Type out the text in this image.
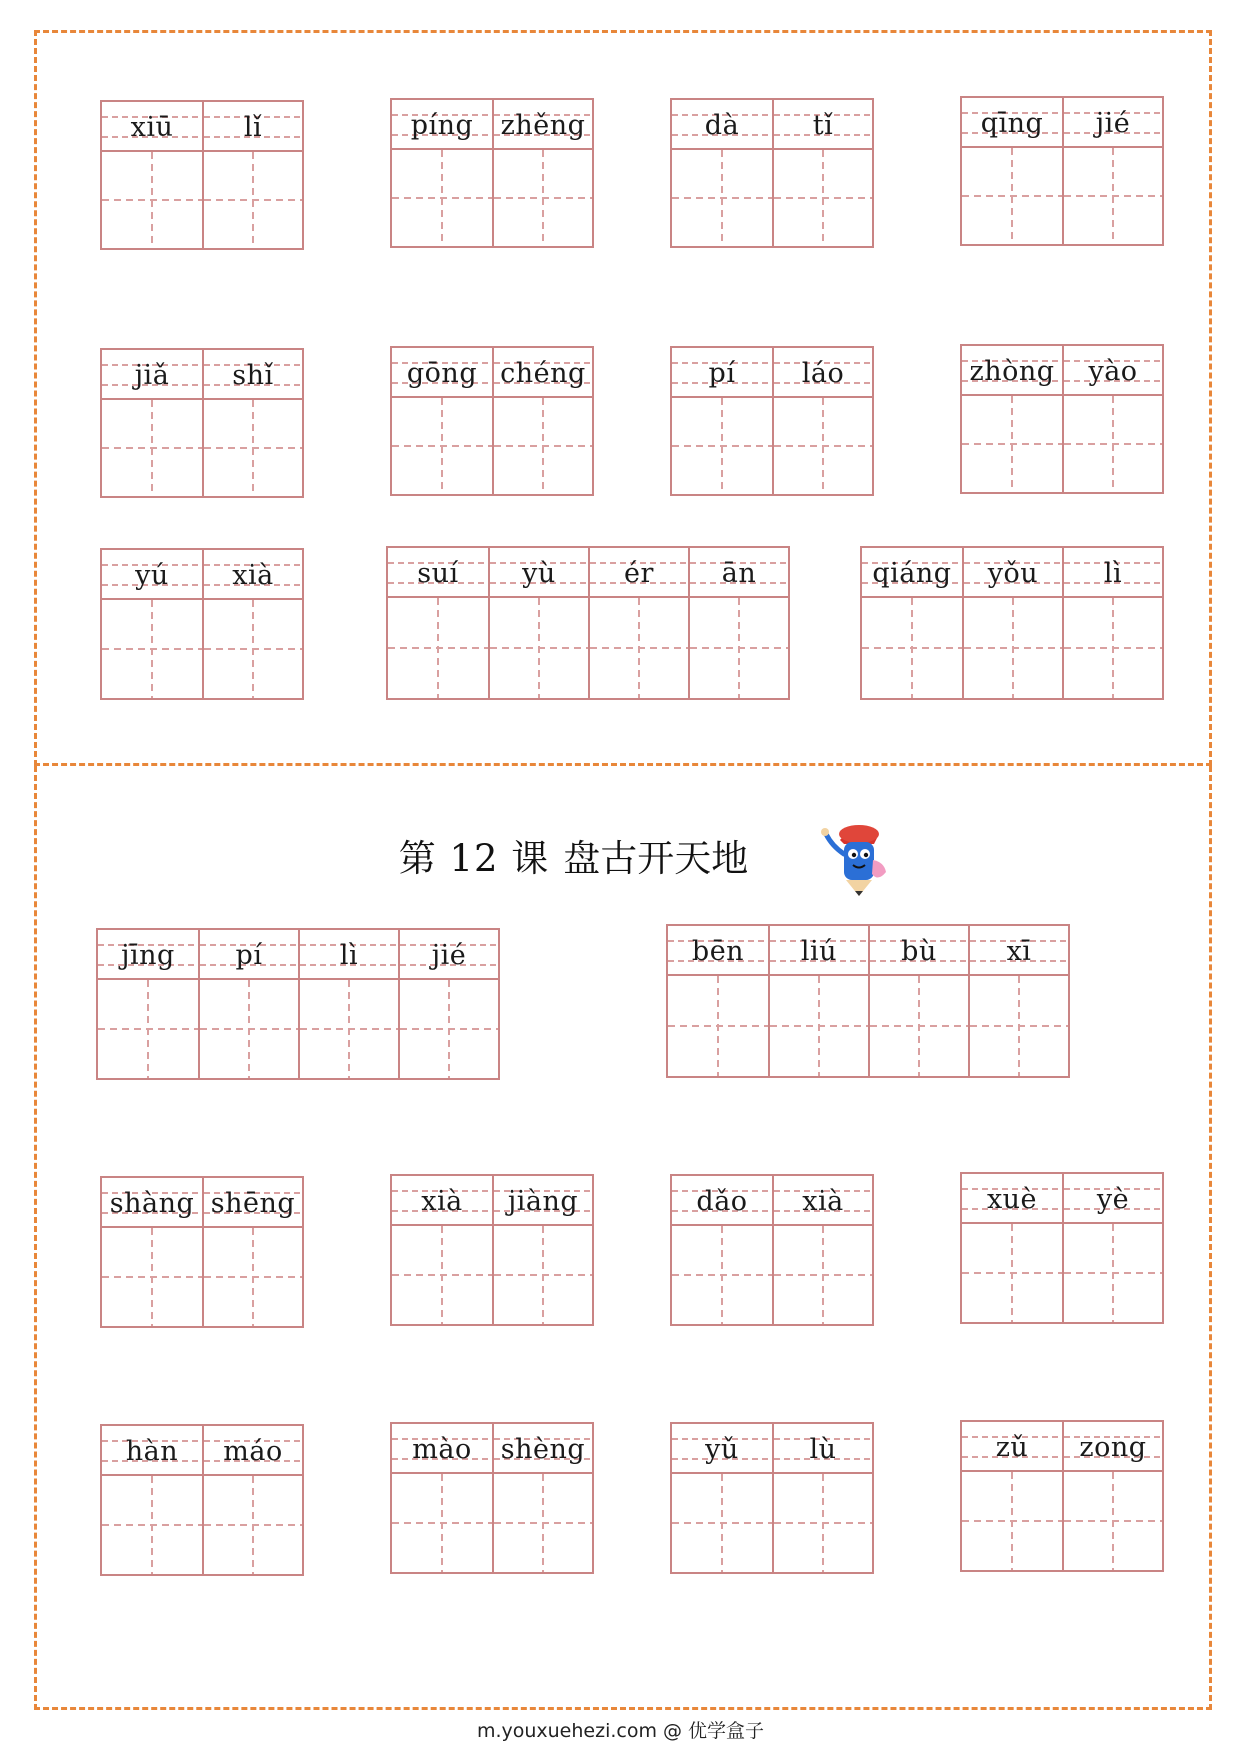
xiū	lǐ	píng zhěng	dà	tǐ	qīng jié
jiǎ shǐ	gōng chéng	pí láo	zhòng yào
yú xià	suí yù	ér	ān	qiáng yǒu lì
第 12 课 盘古开天地
jīng pí	lì	jié	bēn liú bù	xī
shàng shēng	xià jiàng	dǎo xià	xuè yè
hàn máo	mào shèng	yǔ	lù	zǔ zong
m.youxuehezi.com @ 优学盒子
